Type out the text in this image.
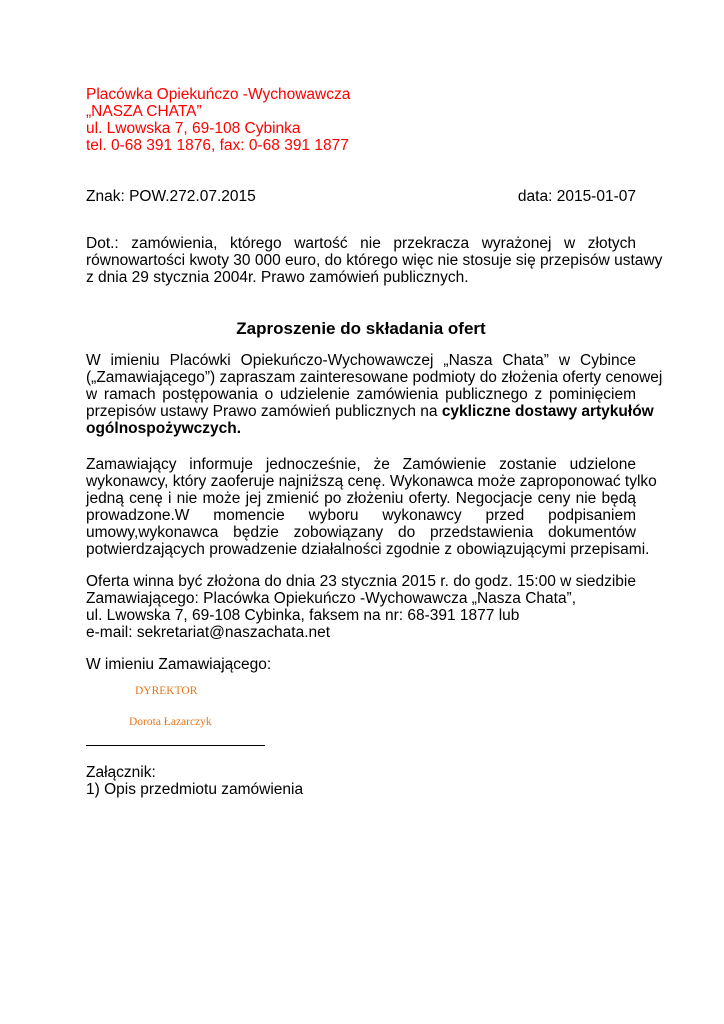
Placówka Opiekuńczo -Wychowawcza
„NASZA CHATA”
ul. Lwowska 7, 69-108 Cybinka
tel. 0-68 391 1876, fax: 0-68 391 1877
Znak: POW.272.07.2015	data: 2015-01-07
Dot.: zamówienia, którego wartość nie przekracza wyrażonej w złotych
równowartości kwoty 30 000 euro, do którego więc nie stosuje się przepisów ustawy
z dnia 29 stycznia 2004r. Prawo zamówień publicznych.
Zaproszenie do składania ofert
W imieniu Placówki Opiekuńczo-Wychowawczej „Nasza Chata” w Cybince
(„Zamawiającego”) zapraszam zainteresowane podmioty do złożenia oferty cenowej
w ramach postępowania o udzielenie zamówienia publicznego z pominięciem
przepisów ustawy Prawo zamówień publicznych na cykliczne dostawy artykułów
ogólnospożywczych.
Zamawiający informuje jednocześnie, że Zamówienie zostanie udzielone
wykonawcy, który zaoferuje najniższą cenę. Wykonawca może zaproponować tylko
jedną cenę i nie może jej zmienić po złożeniu oferty. Negocjacje ceny nie będą
prowadzone.W momencie wyboru wykonawcy przed podpisaniem
umowy,wykonawca będzie zobowiązany do przedstawienia dokumentów
potwierdzających prowadzenie działalności zgodnie z obowiązującymi przepisami.
Oferta winna być złożona do dnia 23 stycznia 2015 r. do godz. 15:00 w siedzibie
Zamawiającego: Placówka Opiekuńczo -Wychowawcza „Nasza Chata”,
ul. Lwowska 7, 69-108 Cybinka, faksem na nr: 68-391 1877 lub
e-mail: sekretariat@naszachata.net
W imieniu Zamawiającego:
DYREKTOR
Dorota Łazarczyk
Załącznik:
1) Opis przedmiotu zamówienia
